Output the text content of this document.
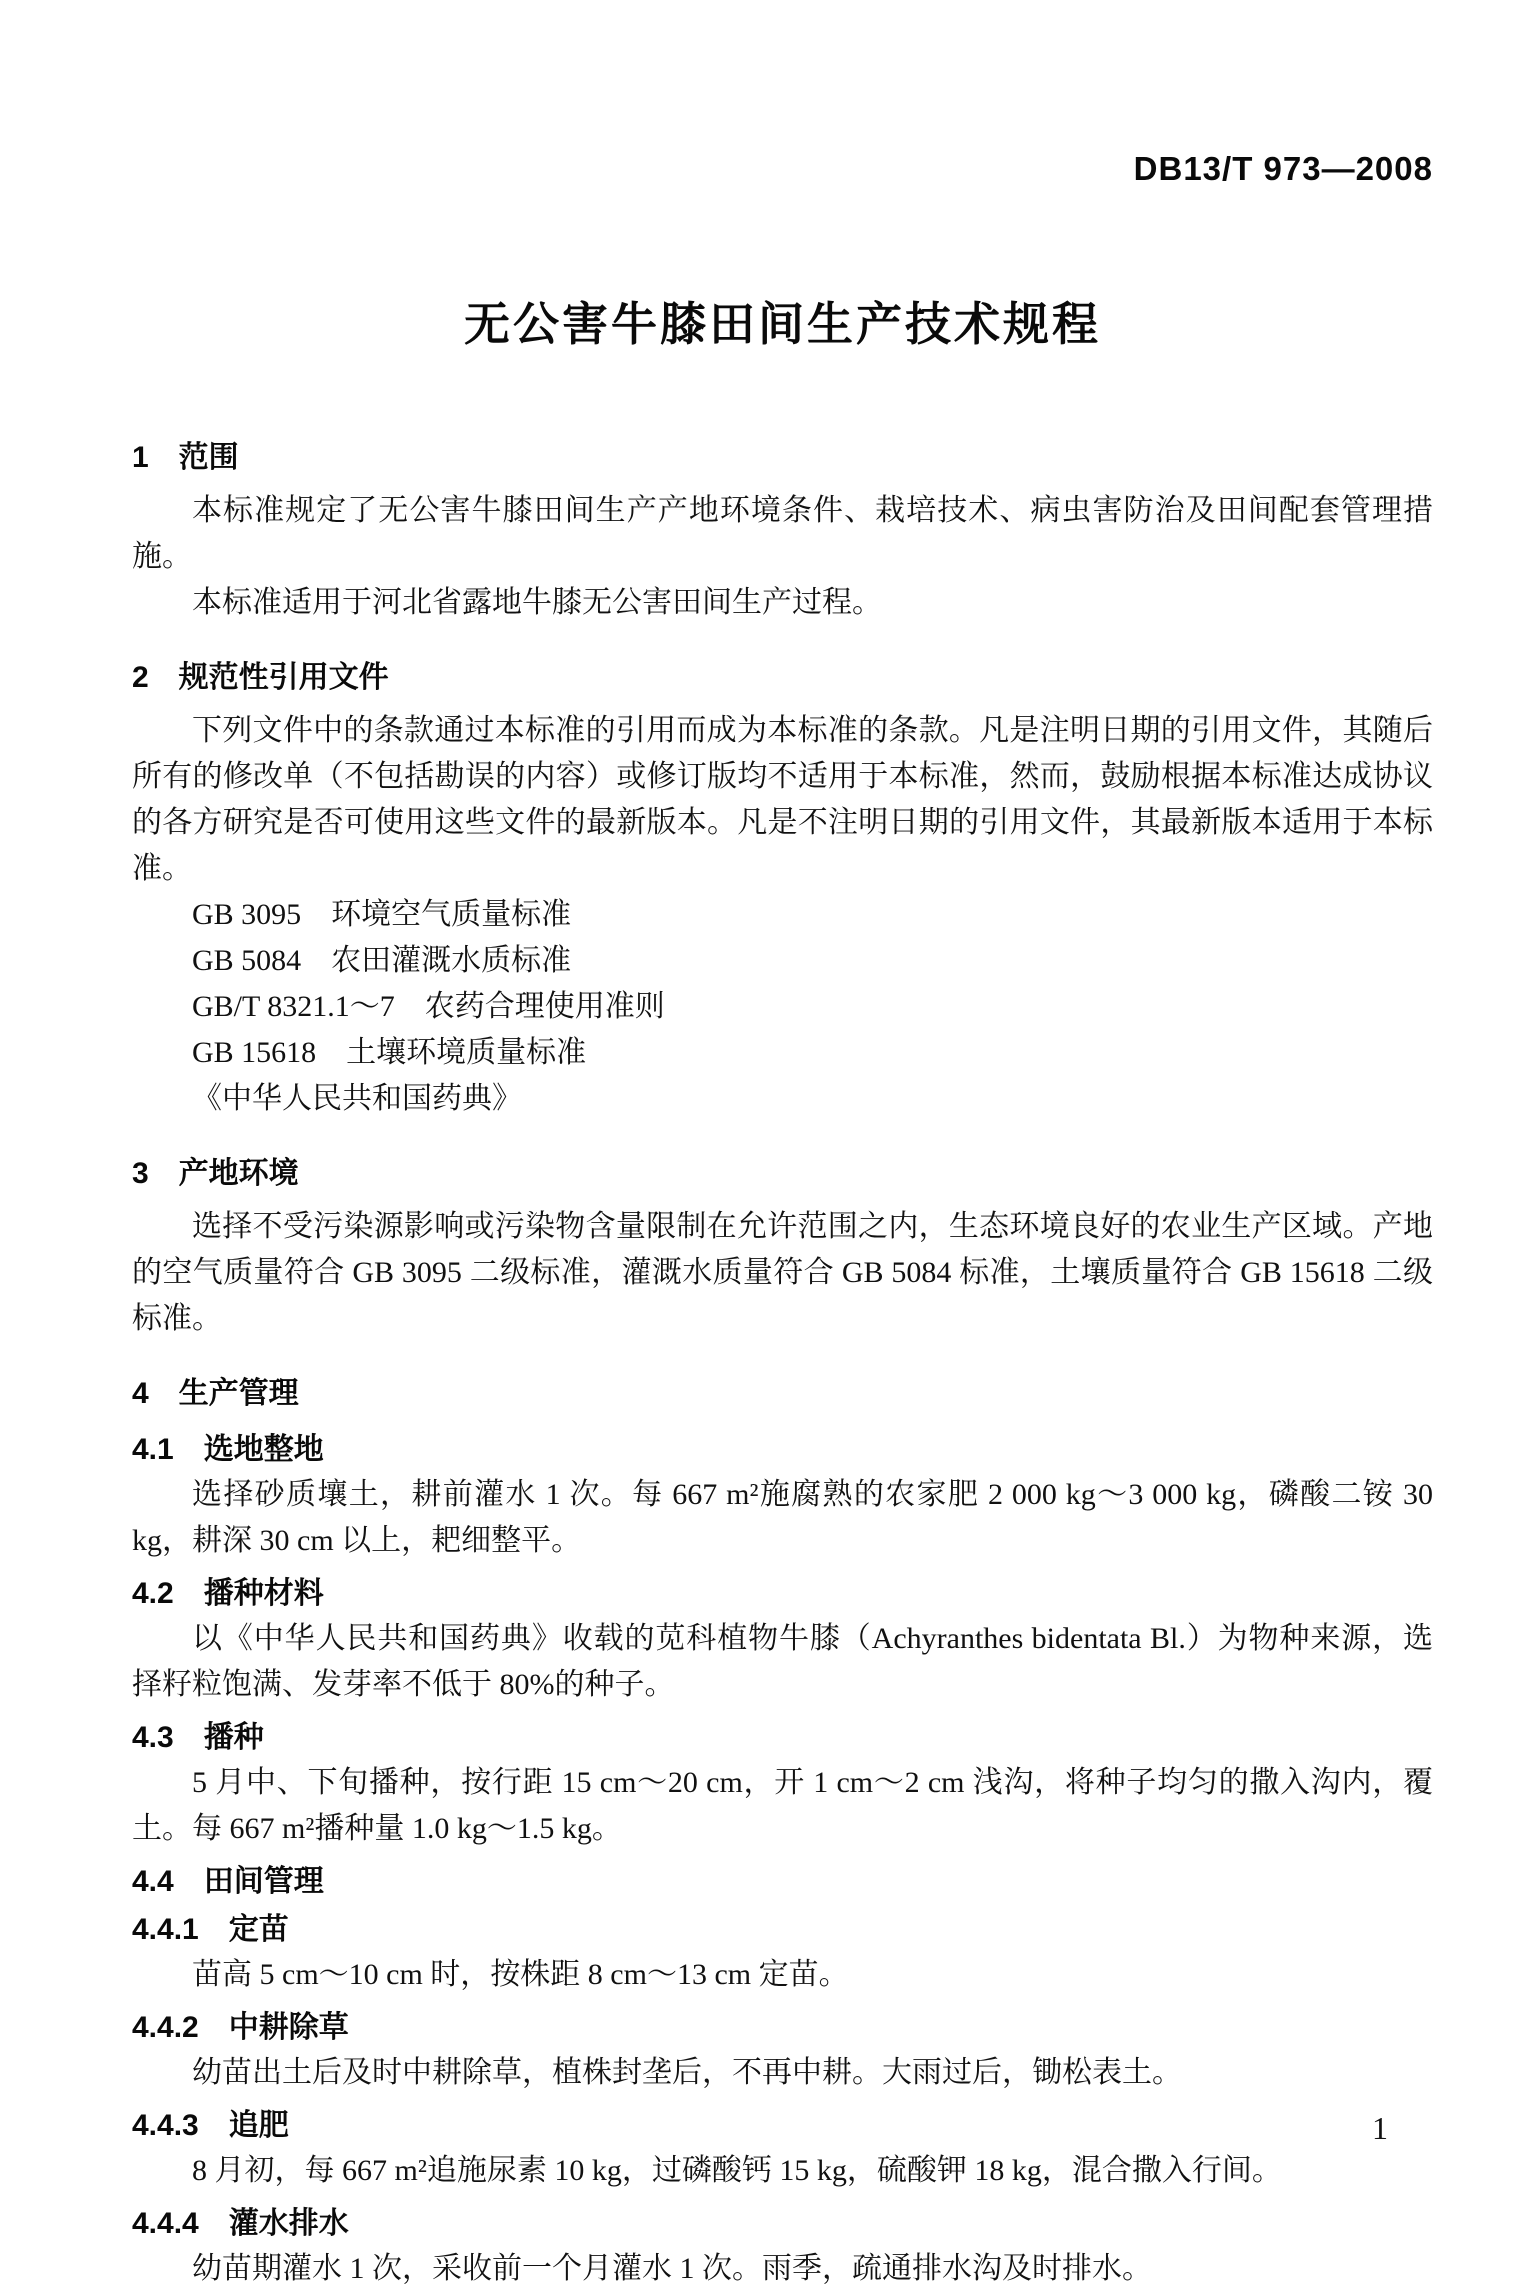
DB13/T 973—2008
无公害牛膝田间生产技术规程
1　范围

本标准规定了无公害牛膝田间生产产地环境条件、栽培技术、病虫害防治及田间配套管理措施。

本标准适用于河北省露地牛膝无公害田间生产过程。

2　规范性引用文件

下列文件中的条款通过本标准的引用而成为本标准的条款。凡是注明日期的引用文件，其随后所有的修改单（不包括勘误的内容）或修订版均不适用于本标准，然而，鼓励根据本标准达成协议的各方研究是否可使用这些文件的最新版本。凡是不注明日期的引用文件，其最新版本适用于本标准。

GB 3095　环境空气质量标准
GB 5084　农田灌溉水质标准
GB/T 8321.1～7　农药合理使用准则
GB 15618　土壤环境质量标准
《中华人民共和国药典》
3　产地环境

选择不受污染源影响或污染物含量限制在允许范围之内，生态环境良好的农业生产区域。产地的空气质量符合 GB 3095 二级标准，灌溉水质量符合 GB 5084 标准，土壤质量符合 GB 15618 二级标准。

4　生产管理
4.1　选地整地

选择砂质壤土，耕前灌水 1 次。每 667 m²施腐熟的农家肥 2 000 kg～3 000 kg，磷酸二铵 30 kg，耕深 30 cm 以上，耙细整平。

4.2　播种材料

以《中华人民共和国药典》收载的苋科植物牛膝（Achyranthes bidentata Bl.）为物种来源，选择籽粒饱满、发芽率不低于 80%的种子。

4.3　播种

5 月中、下旬播种，按行距 15 cm～20 cm，开 1 cm～2 cm 浅沟，将种子均匀的撒入沟内，覆土。每 667 m²播种量 1.0 kg～1.5 kg。

4.4　田间管理
4.4.1　定苗

苗高 5 cm～10 cm 时，按株距 8 cm～13 cm 定苗。

4.4.2　中耕除草

幼苗出土后及时中耕除草，植株封垄后，不再中耕。大雨过后，锄松表土。

4.4.3　追肥

8 月初，每 667 m²追施尿素 10 kg，过磷酸钙 15 kg，硫酸钾 18 kg，混合撒入行间。

4.4.4　灌水排水

幼苗期灌水 1 次，采收前一个月灌水 1 次。雨季，疏通排水沟及时排水。

1
